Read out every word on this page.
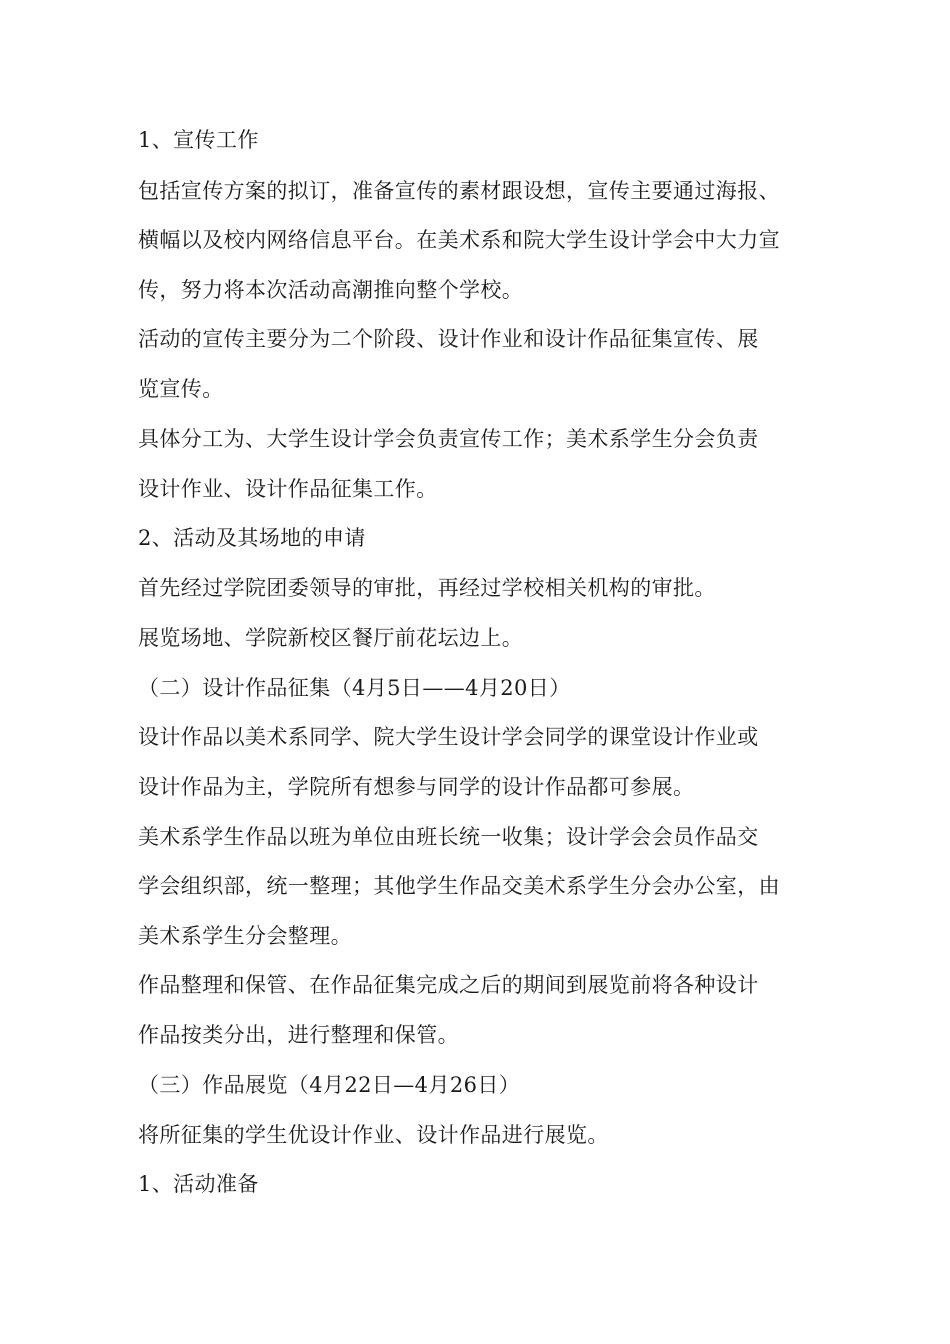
1、宣传工作
包括宣传方案的拟订，准备宣传的素材跟设想，宣传主要通过海报、
横幅以及校内网络信息平台。在美术系和院大学生设计学会中大力宣
传，努力将本次活动高潮推向整个学校。
活动的宣传主要分为二个阶段、设计作业和设计作品征集宣传、展
览宣传。
具体分工为、大学生设计学会负责宣传工作；美术系学生分会负责
设计作业、设计作品征集工作。
2、活动及其场地的申请
首先经过学院团委领导的审批，再经过学校相关机构的审批。
展览场地、学院新校区餐厅前花坛边上。
（二）设计作品征集（4月5日——4月20日）
设计作品以美术系同学、院大学生设计学会同学的课堂设计作业或
设计作品为主，学院所有想参与同学的设计作品都可参展。
美术系学生作品以班为单位由班长统一收集；设计学会会员作品交
学会组织部，统一整理；其他学生作品交美术系学生分会办公室，由
美术系学生分会整理。
作品整理和保管、在作品征集完成之后的期间到展览前将各种设计
作品按类分出，进行整理和保管。
（三）作品展览（4月22日—4月26日）
将所征集的学生优设计作业、设计作品进行展览。
1、活动准备
